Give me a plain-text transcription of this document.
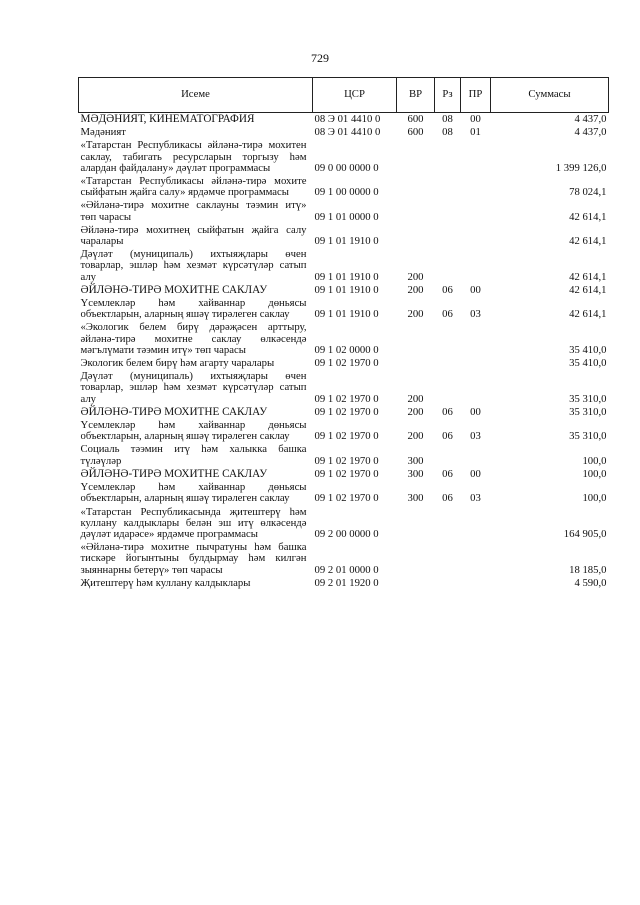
729
Исеме	ЦСР	ВР	Рз	ПР	Суммасы
МӘДӘНИЯТ, КИНЕМАТОГРАФИЯ	08 Э 01 4410 0	600	08	00	4 437,0
Мәдәният	08 Э 01 4410 0	600	08	01	4 437,0
«Татарстан Республикасы әйләнә-тирә мохитен саклау, табигать ресурсларын торгызу һәм алардан файдалану» дәүләт программасы	09 0 00 0000 0				1 399 126,0
«Татарстан Республикасы әйләнә-тирә мохите сыйфатын җайга салу» ярдәмче программасы	09 1 00 0000 0				78 024,1
«Әйләнә-тирә мохитне саклауны тәэмин итү» төп чарасы	09 1 01 0000 0				42 614,1
Әйләнә-тирә мохитнең сыйфатын җайга салу чаралары	09 1 01 1910 0				42 614,1
Дәүләт (муниципаль) ихтыяҗлары өчен товарлар, эшләр һәм хезмәт күрсәтүләр сатып алу	09 1 01 1910 0	200			42 614,1
ӘЙЛӘНӘ-ТИРӘ МОХИТНЕ САКЛАУ	09 1 01 1910 0	200	06	00	42 614,1
Үсемлекләр һәм хайваннар дөньясы объектларын, аларның яшәү тирәлеген саклау	09 1 01 1910 0	200	06	03	42 614,1
«Экологик белем бирү дәрәҗәсен арттыру, әйләнә-тирә мохитне саклау өлкәсендә мәгълүмати тәэмин итү» төп чарасы	09 1 02 0000 0				35 410,0
Экологик белем бирү һәм агарту чаралары	09 1 02 1970 0				35 410,0
Дәүләт (муниципаль) ихтыяҗлары өчен товарлар, эшләр һәм хезмәт күрсәтүләр сатып алу	09 1 02 1970 0	200			35 310,0
ӘЙЛӘНӘ-ТИРӘ МОХИТНЕ САКЛАУ	09 1 02 1970 0	200	06	00	35 310,0
Үсемлекләр һәм хайваннар дөньясы объектларын, аларның яшәү тирәлеген саклау	09 1 02 1970 0	200	06	03	35 310,0
Социаль тәэмин итү һәм халыкка башка түләүләр	09 1 02 1970 0	300			100,0
ӘЙЛӘНӘ-ТИРӘ МОХИТНЕ САКЛАУ	09 1 02 1970 0	300	06	00	100,0
Үсемлекләр һәм хайваннар дөньясы объектларын, аларның яшәү тирәлеген саклау	09 1 02 1970 0	300	06	03	100,0
«Татарстан Республикасында җитештерү һәм куллану калдыклары белән эш итү өлкәсендә дәүләт идарәсе» ярдәмче программасы	09 2 00 0000 0				164 905,0
«Әйләнә-тирә мохитне пычратуны һәм башка тискәре йогынтыны булдырмау һәм килгән зыяннарны бетерү» төп чарасы	09 2 01 0000 0				18 185,0
Җитештерү һәм куллану калдыклары	09 2 01 1920 0				4 590,0
